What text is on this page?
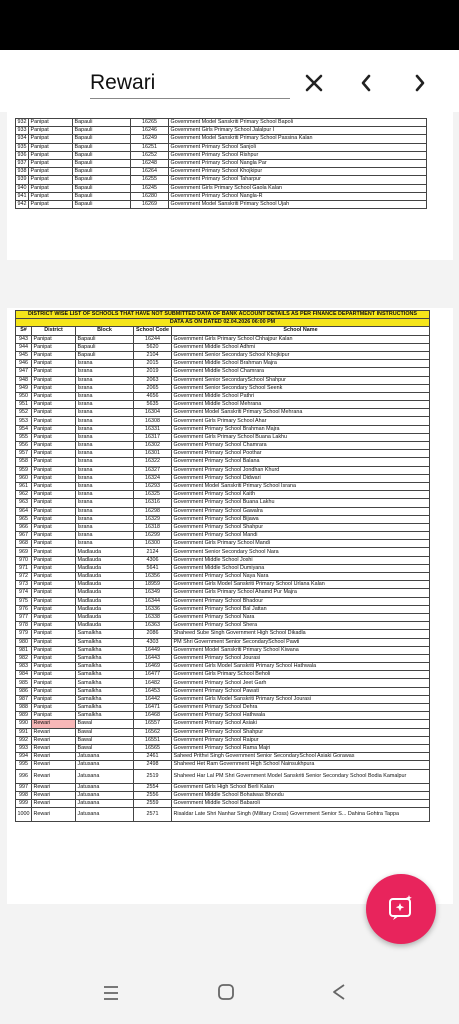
Rewari
932	Panipat	Bapauli	16265	Government Model Sanskriti Primary School Bapoli
933	Panipat	Bapauli	16246	Government Girls Primary School Jalalpur I
934	Panipat	Bapauli	16249	Government Model Sanskriti Primary School Passina Kalan
935	Panipat	Bapauli	16251	Government Primary School Sanjoli
936	Panipat	Bapauli	16252	Government Primary School Rishpur
937	Panipat	Bapauli	16248	Government Primary School Nangla Par
938	Panipat	Bapauli	16264	Government Primary School Khojkipur
939	Panipat	Bapauli	16255	Government Primary School Taharpur
940	Panipat	Bapauli	16245	Government Girls Primary School Gaola Kalan
941	Panipat	Bapauli	16280	Government Primary School Nangla-R
942	Panipat	Bapauli	16269	Government Model Sanskriti Primary School Ujah
DISTRICT WISE LIST OF SCHOOLS THAT HAVE NOT SUBMITTED DATA OF BANK ACCOUNT DETAILS AS PER FINANCE DEPARTMENT INSTRUCTIONS				
DATA AS ON DATED 02.04.2026 06:00 PM				
S#	District	Block	School Code	School Name
943	Panipat	Bapauli	16244	Government Girls Primary School Chhajpur Kalan
944	Panipat	Bapauli	5620	Government Middle School Adhmi
945	Panipat	Bapauli	2104	Government Senior Secondary School Khojkipur
946	Panipat	Israna	2015	Government Middle School Brahman Majra
947	Panipat	Israna	2019	Government Middle School Chamrara
948	Panipat	Israna	2063	Government Senior SecondarySchool Shahpur
949	Panipat	Israna	2065	Government Senior Secondary School Seenk
950	Panipat	Israna	4656	Government Middle School Pathri
951	Panipat	Israna	5635	Government Middle School Mehrana
952	Panipat	Israna	16304	Government Model Sanskriti Primary School Mehrana
953	Panipat	Israna	16308	Government Girls Primary School Ahar
954	Panipat	Israna	16331	Government Primary School Brahman Majra
955	Panipat	Israna	16317	Government Girls Primary School Buana Lakhu
956	Panipat	Israna	16302	Government Primary School Chamrara
957	Panipat	Israna	16301	Government Primary School Poothar
958	Panipat	Israna	16322	Government Primary School Balana
959	Panipat	Israna	16327	Government Primary School Jondhan Khurd
960	Panipat	Israna	16324	Government Primary School Didwari
961	Panipat	Israna	16293	Government Model Sanskriti Primary School Israna
962	Panipat	Israna	16325	Government Primary School Kaith
963	Panipat	Israna	16316	Government Primary School Buana Lakhu
964	Panipat	Israna	16298	Government Primary School Gawalra
965	Panipat	Israna	16329	Government Primary School Bijawa
966	Panipat	Israna	16318	Government Primary School Shahpur
967	Panipat	Israna	16299	Government Primary School Mandi
968	Panipat	Israna	16300	Government Girls Primary School Mandi
969	Panipat	Madlauda	2124	Government Senior Secondary School Nara
970	Panipat	Madlauda	4306	Government Middle School Joshi
971	Panipat	Madlauda	5641	Government Middle School Dumiyana
972	Panipat	Madlauda	16356	Government Primary School Naya Nara
973	Panipat	Madlauda	18959	Government Girls Model Sanskriti Primary School Urlana Kalan
974	Panipat	Madlauda	16349	Government Girls Primary School Ahamd Pur Majra
975	Panipat	Madlauda	16344	Government Primary School Bhadour
976	Panipat	Madlauda	16336	Government Primary School Bal Jattan
977	Panipat	Madlauda	16338	Government Primary School Nara
978	Panipat	Madlauda	16363	Government Primary School Shera
979	Panipat	Samalkha	2086	Shaheed Sube Singh Government High School Dikadla
980	Panipat	Samalkha	4303	PM Shri Government Senior SecondarySchool Pawti
981	Panipat	Samalkha	16449	Government Model Sanskriti Primary School Kiwana
982	Panipat	Samalkha	16443	Government Primary School Jourasi
983	Panipat	Samalkha	16469	Government Girls Model Sanskriti Primary School Hathwala
984	Panipat	Samalkha	16477	Government Girls Primary School Beholi
985	Panipat	Samalkha	16482	Government Primary School Jeet Garh
986	Panipat	Samalkha	16453	Government Primary School Pawati
987	Panipat	Samalkha	16442	Government Girls Model Sanskriti Primary School Jourasi
988	Panipat	Samalkha	16471	Government Primary School Dehra
989	Panipat	Samalkha	16468	Government Primary School Hathwala
990	Rewari	Bawal	16557	Government Primary School Asiaki
991	Rewari	Bawal	16562	Government Primary School Shahpur
992	Rewari	Bawal	16551	Government Primary School Raipur
993	Rewari	Bawal	16565	Government Primary School Rama Majri
994	Rewari	Jatusana	2461	Saheed Prithvi Singh Government Senior SecondarySchool Asiaki Gorawas
995	Rewari	Jatusana	2498	Shaheed Het Ram Government High School Nainsukhpura
996	Rewari	Jatusana	2519	Shaheed Har Lal PM Shri Government Model Sanskriti Senior Secondary School Bodia Kamalpur
997	Rewari	Jatusana	2554	Government Girls High School Berli Kalan
998	Rewari	Jatusana	2556	Government Middle School Bohatwas Bhondu
999	Rewari	Jatusana	2559	Government Middle School Babaroli
1000	Rewari	Jatusana	2571	Risaldar Late Shri Nanhar Singh (Military Cross) Government Senior S... Dahina Gohtra Tappa
